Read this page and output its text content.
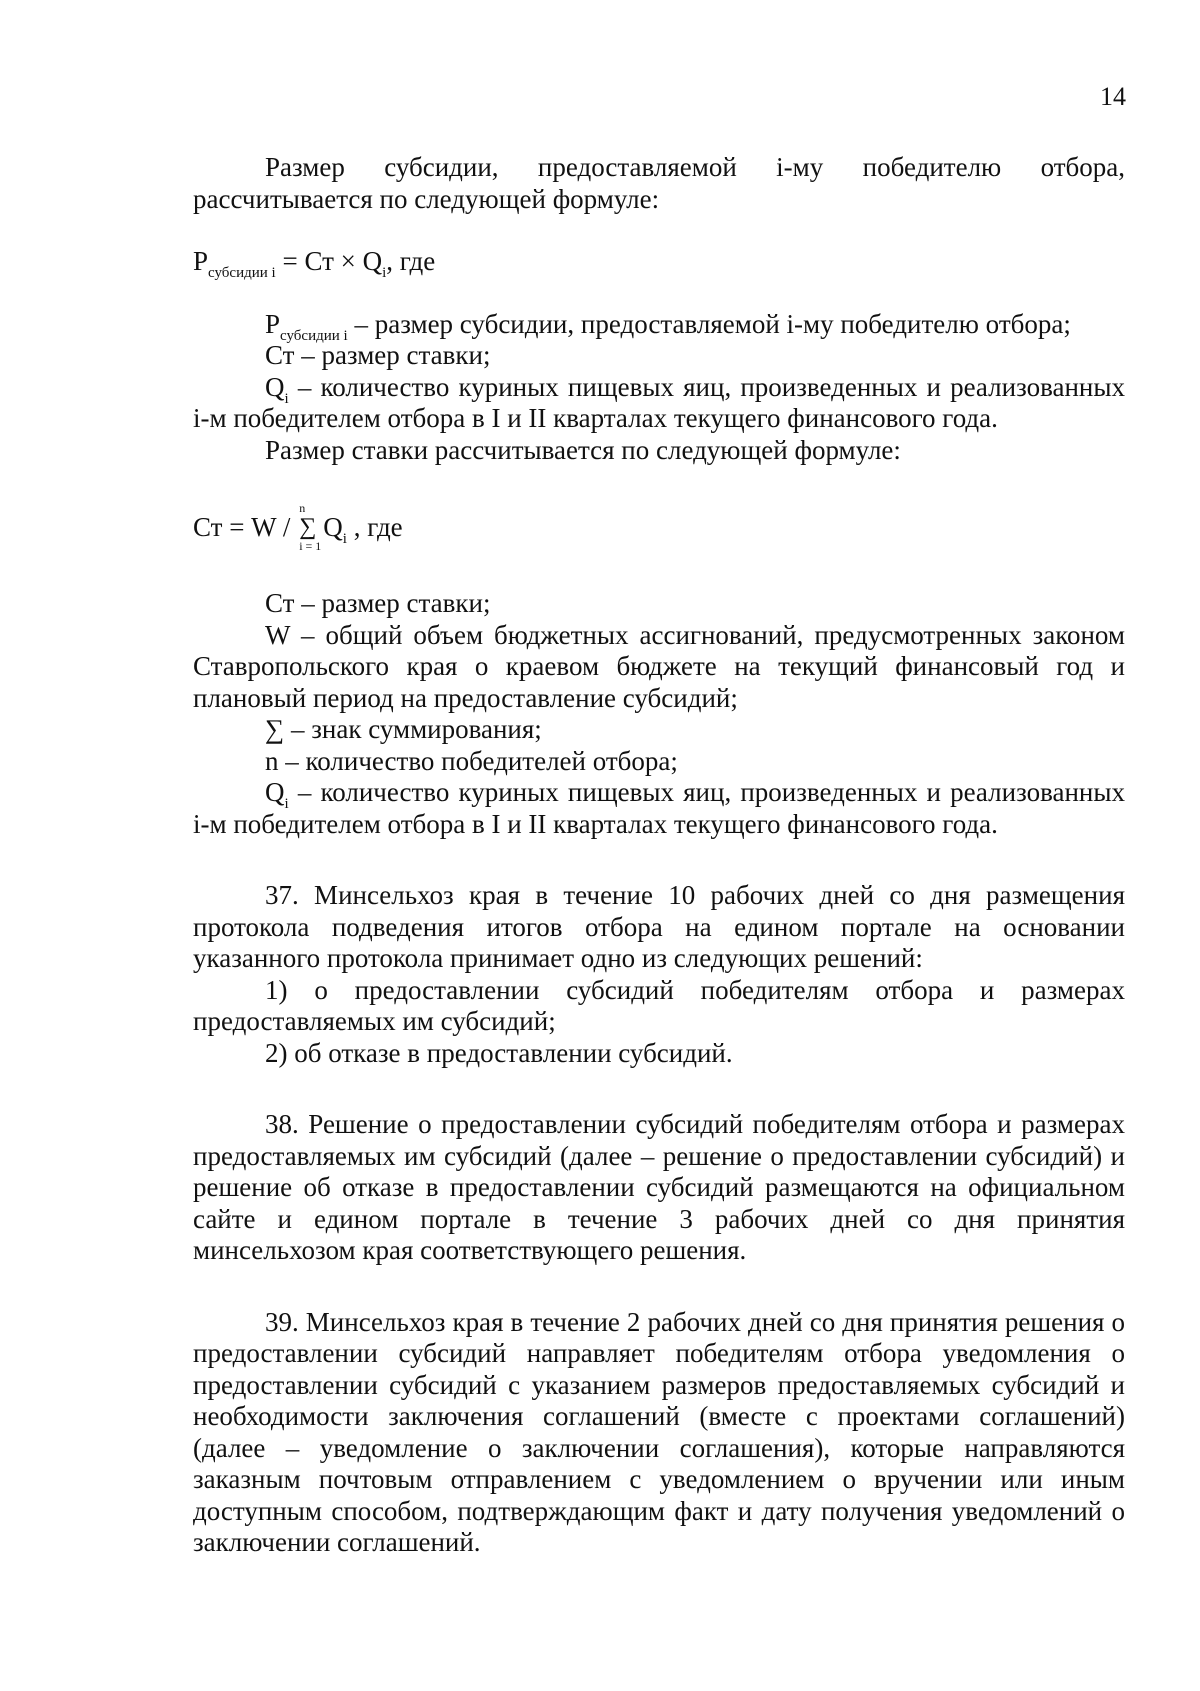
14

Размер субсидии, предоставляемой i-му победителю отбора, рассчитывается по следующей формуле:

$Р_{субсидии i}$ = Ст × $Q_i$, где

$Р_{субсидии i}$ – размер субсидии, предоставляемой i-му победителю отбора;

Ст – размер ставки;

$Q_i$ – количество куриных пищевых яиц, произведенных и реализованных i-м победителем отбора в I и II кварталах текущего финансового года.

Размер ставки рассчитывается по следующей формуле:

Ст = W /
n
∑
i = 1
$Q_i$ , где

Ст – размер ставки;

W – общий объем бюджетных ассигнований, предусмотренных законом Ставропольского края о краевом бюджете на текущий финансовый год и плановый период на предоставление субсидий;

∑ – знак суммирования;

n – количество победителей отбора;

$Q_i$ – количество куриных пищевых яиц, произведенных и реализованных i-м победителем отбора в I и II кварталах текущего финансового года.

37. Минсельхоз края в течение 10 рабочих дней со дня размещения протокола подведения итогов отбора на едином портале на основании указанного протокола принимает одно из следующих решений:

1) о предоставлении субсидий победителям отбора и размерах предоставляемых им субсидий;

2) об отказе в предоставлении субсидий.

38. Решение о предоставлении субсидий победителям отбора и размерах предоставляемых им субсидий (далее – решение о предоставлении субсидий) и решение об отказе в предоставлении субсидий размещаются на официальном сайте и едином портале в течение 3 рабочих дней со дня принятия минсельхозом края соответствующего решения.

39. Минсельхоз края в течение 2 рабочих дней со дня принятия решения о предоставлении субсидий направляет победителям отбора уведомления о предоставлении субсидий с указанием размеров предоставляемых субсидий и необходимости заключения соглашений (вместе с проектами соглашений) (далее – уведомление о заключении соглашения), которые направляются заказным почтовым отправлением с уведомлением о вручении или иным доступным способом, подтверждающим факт и дату получения уведомлений о заключении соглашений.
